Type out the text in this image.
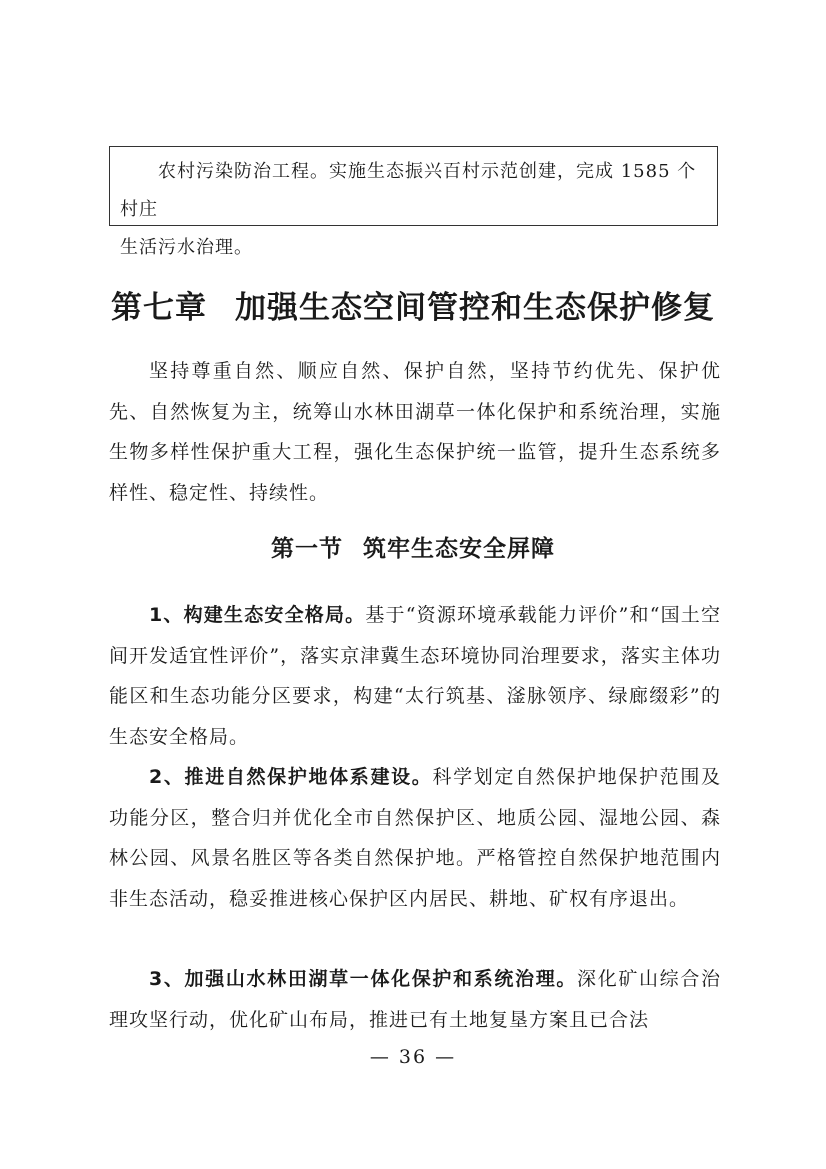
农村污染防治工程。实施生态振兴百村示范创建，完成 1585 个村庄

生活污水治理。

第七章 加强生态空间管控和生态保护修复

坚持尊重自然、顺应自然、保护自然，坚持节约优先、保护优先、自然恢复为主，统筹山水林田湖草一体化保护和系统治理，实施生物多样性保护重大工程，强化生态保护统一监管，提升生态系统多样性、稳定性、持续性。

第一节 筑牢生态安全屏障

1、构建生态安全格局。基于“资源环境承载能力评价”和“国土空间开发适宜性评价”，落实京津冀生态环境协同治理要求，落实主体功能区和生态功能分区要求，构建“太行筑基、滏脉领序、绿廊缀彩”的生态安全格局。

2、推进自然保护地体系建设。科学划定自然保护地保护范围及功能分区，整合归并优化全市自然保护区、地质公园、湿地公园、森林公园、风景名胜区等各类自然保护地。严格管控自然保护地范围内非生态活动，稳妥推进核心保护区内居民、耕地、矿权有序退出。

3、加强山水林田湖草一体化保护和系统治理。深化矿山综合治理攻坚行动，优化矿山布局，推进已有土地复垦方案且已合法

— 36 —
